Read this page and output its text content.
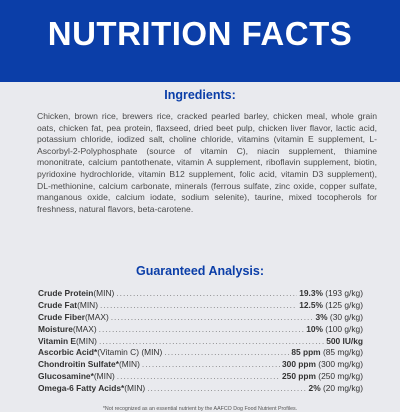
NUTRITION FACTS
Ingredients:

Chicken, brown rice, brewers rice, cracked pearled barley, chicken meal, whole grain oats, chicken fat, pea protein, flaxseed, dried beet pulp, chicken liver flavor, lactic acid, potassium chloride, iodized salt, choline chloride, vitamins (vitamin E supplement, L-Ascorbyl-2-Polyphosphate (source of vitamin C), niacin supplement, thiamine mononitrate, calcium pantothenate, vitamin A supplement, riboflavin supplement, biotin, pyridoxine hydrochloride, vitamin B12 supplement, folic acid, vitamin D3 supplement), DL-methionine, calcium carbonate, minerals (ferrous sulfate, zinc oxide, copper sulfate, manganous oxide, calcium iodate, sodium selenite), taurine, mixed tocopherols for freshness, natural flavors, beta-carotene.

Guaranteed Analysis:
Crude Protein (MIN) .....	19.3% (193 g/kg)
Crude Fat (MIN) .....	12.5% (125 g/kg)
Crude Fiber (MAX) .....	3% (30 g/kg)
Moisture (MAX) .....	10% (100 g/kg)
Vitamin E (MIN) .....	500 IU/kg
Ascorbic Acid* (Vitamin C) (MIN) .....	85 ppm (85 mg/kg)
Chondroitin Sulfate* (MIN) .....	300 ppm (300 mg/kg)
Glucosamine* (MIN) .....	250 ppm (250 mg/kg)
Omega-6 Fatty Acids* (MIN) .....	2% (20 mg/kg)

*Not recognized as an essential nutrient by the AAFCO Dog Food Nutrient Profiles.
